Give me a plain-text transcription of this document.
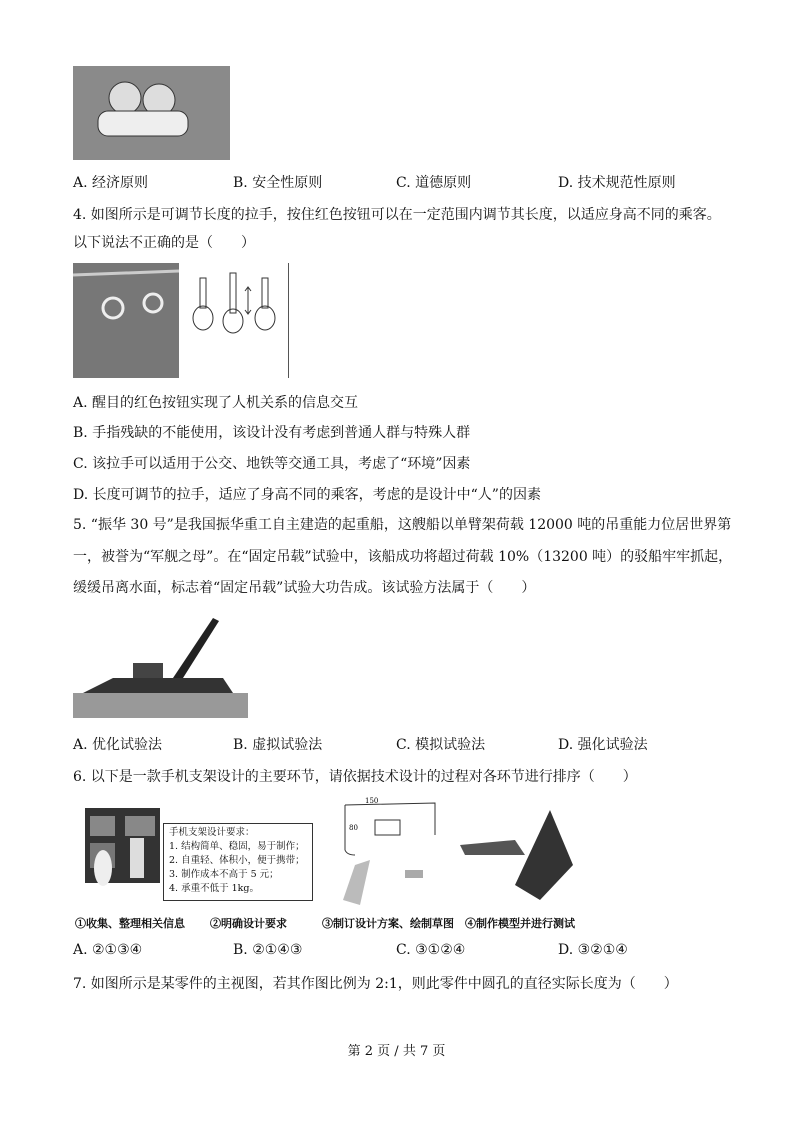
A. 经济原则	B. 安全性原则	C. 道德原则	D. 技术规范性原则
4. 如图所示是可调节长度的拉手，按住红色按钮可以在一定范围内调节其长度，以适应身高不同的乘客。
以下说法不正确的是（　　）
A. 醒目的红色按钮实现了人机关系的信息交互
B. 手指残缺的不能使用，该设计没有考虑到普通人群与特殊人群
C. 该拉手可以适用于公交、地铁等交通工具，考虑了“环境”因素
D. 长度可调节的拉手，适应了身高不同的乘客，考虑的是设计中“人”的因素
5. “振华 30 号”是我国振华重工自主建造的起重船，这艘船以单臂架荷载 12000 吨的吊重能力位居世界第
一，被誉为“军舰之母”。在“固定吊载”试验中，该船成功将超过荷载 10%（13200 吨）的驳船牢牢抓起，
缓缓吊离水面，标志着“固定吊载”试验大功告成。该试验方法属于（　　）
A. 优化试验法	B. 虚拟试验法	C. 模拟试验法	D. 强化试验法
6. 以下是一款手机支架设计的主要环节，请依据技术设计的过程对各环节进行排序（　　）
手机支架设计要求：
1. 结构简单、稳固，易于制作；
2. 自重轻、体积小，便于携带；
3. 制作成本不高于 5 元；
4. 承重不低于 1kg。
150
80
①收集、整理相关信息 ②明确设计要求	③制订设计方案、绘制草图 ④制作模型并进行测试
A. ②①③④	B. ②①④③	C. ③①②④	D. ③②①④
7. 如图所示是某零件的主视图，若其作图比例为 2:1，则此零件中圆孔的直径实际长度为（　　）
第 2 页 / 共 7 页
